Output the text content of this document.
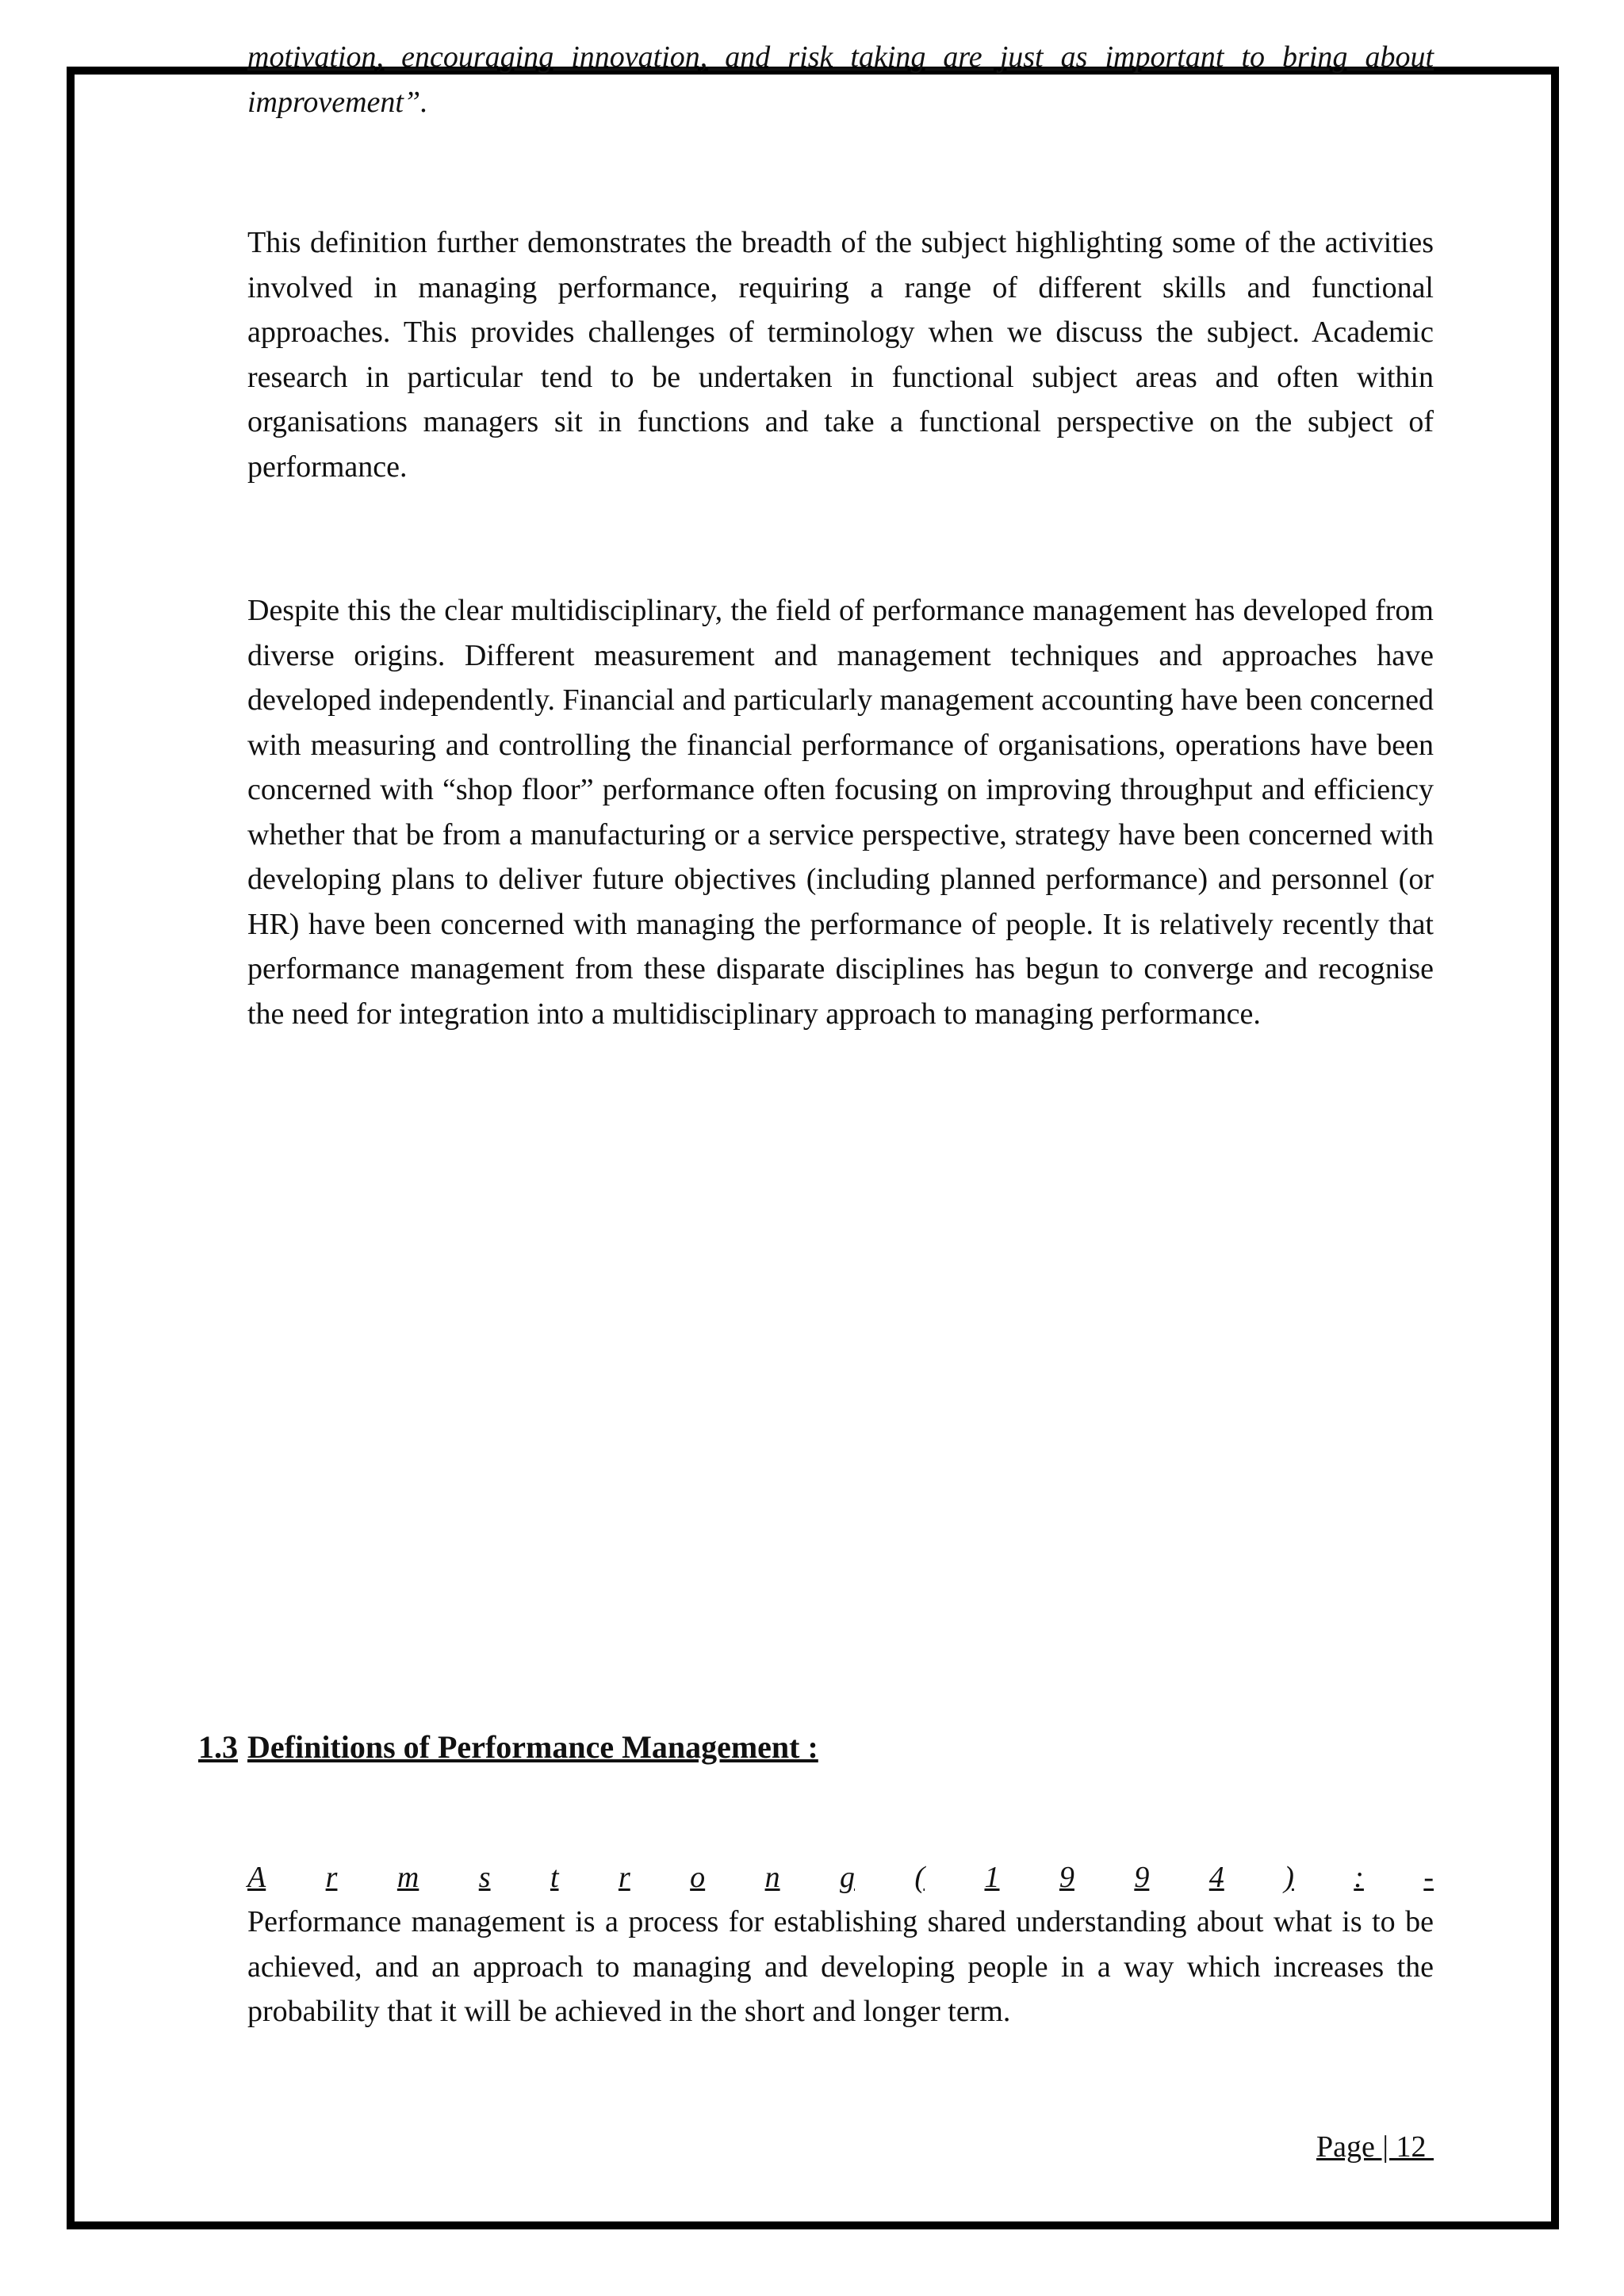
motivation, encouraging innovation, and risk taking are just as important to bring about
improvement”.

This definition further demonstrates the breadth of the subject highlighting some of the activities involved in managing performance, requiring a range of different skills and functional approaches. This provides challenges of terminology when we discuss the subject. Academic research in particular tend to be undertaken in functional subject areas and often within organisations managers sit in functions and take a functional perspective on the subject of performance.

Despite this the clear multidisciplinary, the field of performance management has developed from diverse origins. Different measurement and management techniques and approaches have developed independently. Financial and particularly management accounting have been concerned with measuring and controlling the financial performance of organisations, operations have been concerned with “shop floor” performance often focusing on improving throughput and efficiency whether that be from a manufacturing or a service perspective, strategy have been concerned with developing plans to deliver future objectives (including planned performance) and personnel (or HR) have been concerned with managing the performance of people. It is relatively recently that performance management from these disparate disciplines has begun to converge and recognise the need for integration into a multidisciplinary approach to managing performance.

1.3 Definitions of Performance Management :
A r m s t r o n g ( 1 9 9 4 ) : -

Performance management is a process for establishing shared understanding about what is to be achieved, and an approach to managing and developing people in a way which increases the probability that it will be achieved in the short and longer term.

Page | 12
